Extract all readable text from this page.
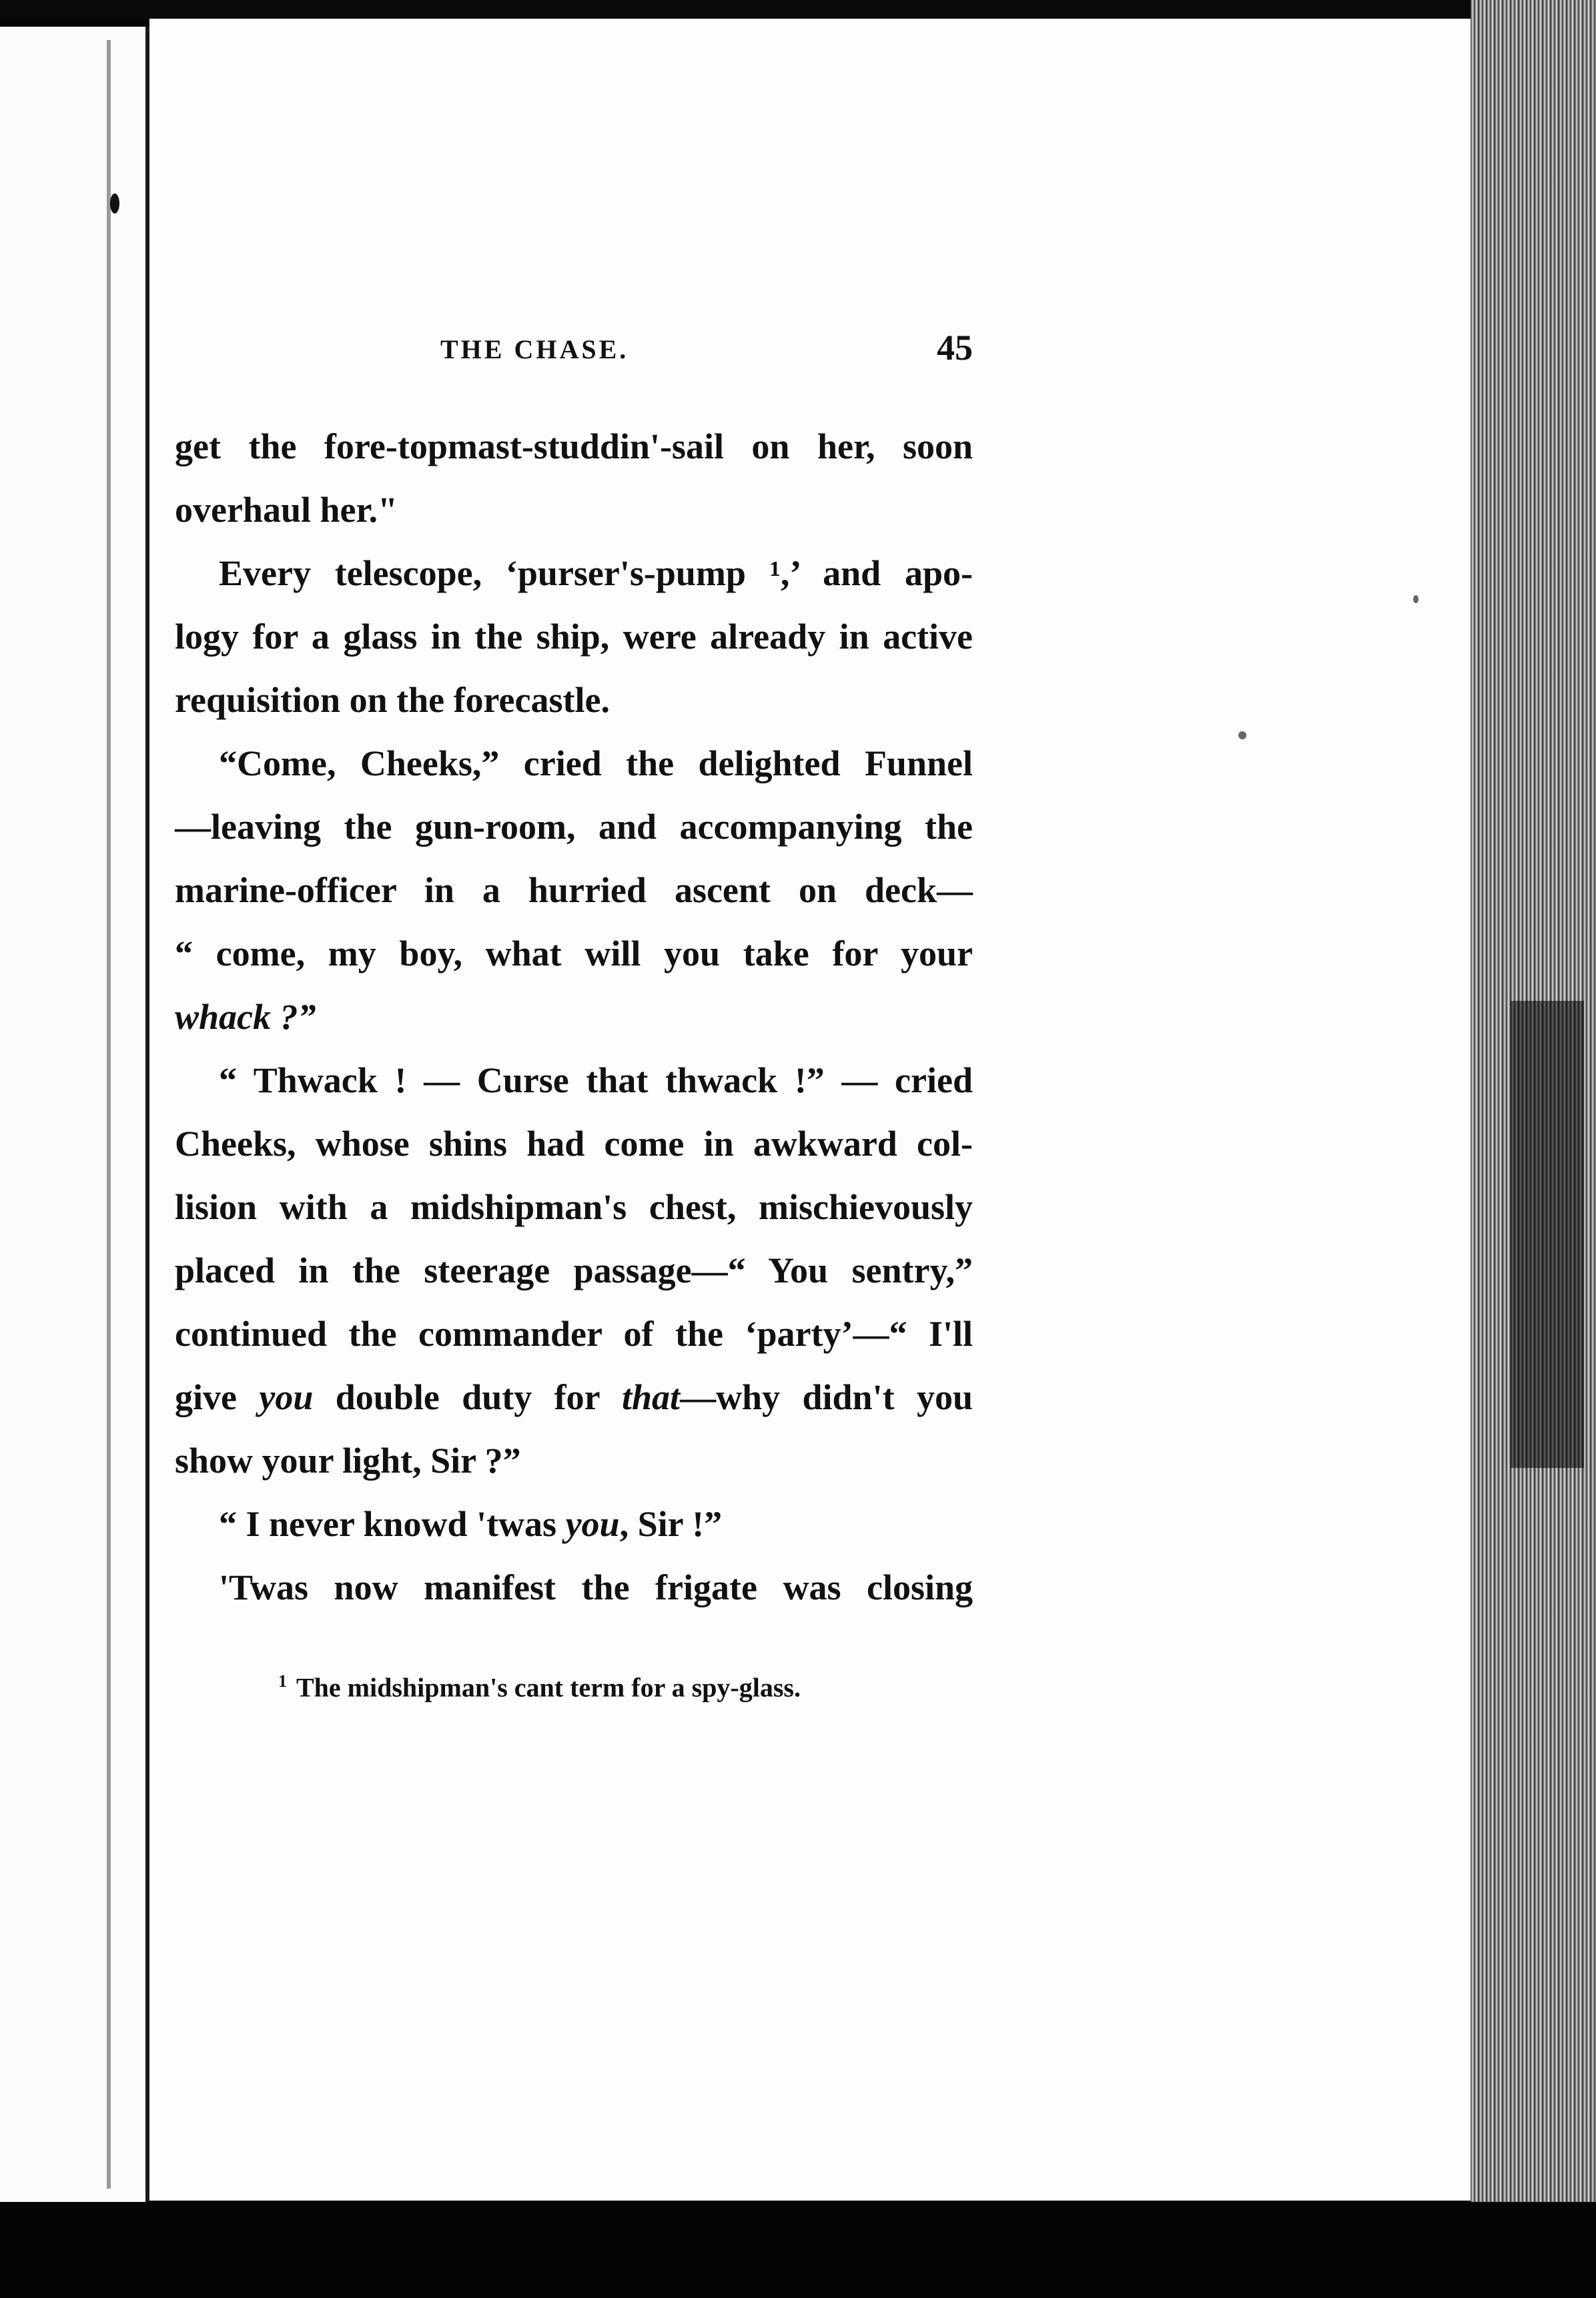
THE CHASE.	45

get the fore-topmast-studdin'-sail on her, soon

overhaul her."

Every telescope, ‘purser's-pump ¹,’ and apo-

logy for a glass in the ship, were already in active

requisition on the forecastle.

“Come, Cheeks,” cried the delighted Funnel

—leaving the gun-room, and accompanying the

marine-officer in a hurried ascent on deck—

“ come, my boy, what will you take for your

whack ?”

“ Thwack ! — Curse that thwack !” — cried

Cheeks, whose shins had come in awkward col-

lision with a midshipman's chest, mischievously

placed in the steerage passage—“ You sentry,”

continued the commander of the ‘party’—“ I'll

give you double duty for that—why didn't you

show your light, Sir ?”

“ I never knowd 'twas you, Sir !”

'Twas now manifest the frigate was closing

$^1$ The midshipman's cant term for a spy-glass.
